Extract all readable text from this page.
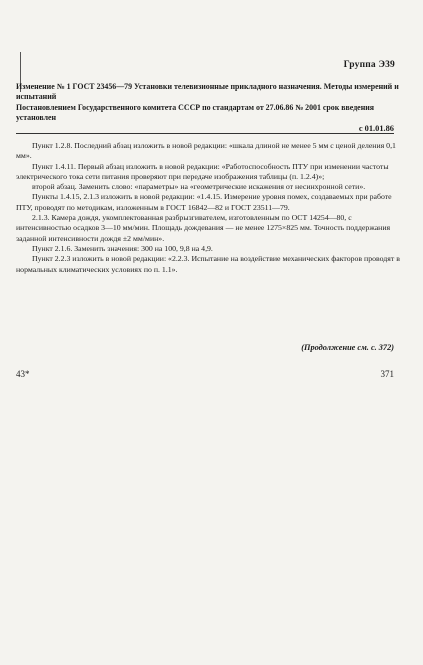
Группа Э39
Изменение № 1 ГОСТ 23456—79 Установки телевизионные прикладного назначения. Методы измерений и испытаний
Постановлением Государственного комитета СССР по стандартам от 27.06.86 № 2001 срок введения установлен
с 01.01.86

Пункт 1.2.8. Последний абзац изложить в новой редакции: «шкала длиной не менее 5 мм с ценой деления 0,1 мм».

Пункт 1.4.11. Первый абзац изложить в новой редакции: «Работоспособность ПТУ при изменении частоты электрического тока сети питания проверяют при передаче изображения таблицы (п. 1.2.4)»;

второй абзац. Заменить слово: «параметры» на «геометрические искажения от несинхронной сети».

Пункты 1.4.15, 2.1.3 изложить в новой редакции: «1.4.15. Измерение уровня помех, создаваемых при работе ПТУ, проводят по методикам, изложенным в ГОСТ 16842—82 и ГОСТ 23511—79.

2.1.3. Камера дождя, укомплектованная разбрызгивателем, изготовленным по ОСТ 14254—80, с интенсивностью осадков 3—10 мм/мин. Площадь дождевания — не менее 1275×825 мм. Точность поддержания заданной интенсивности дождя ±2 мм/мин».

Пункт 2.1.6. Заменить значения: 300 на 100, 9,8 на 4,9.

Пункт 2.2.3 изложить в новой редакции: «2.2.3. Испытание на воздействие механических факторов проводят в нормальных климатических условиях по п. 1.1».

(Продолжение см. с. 372)
43*	371
